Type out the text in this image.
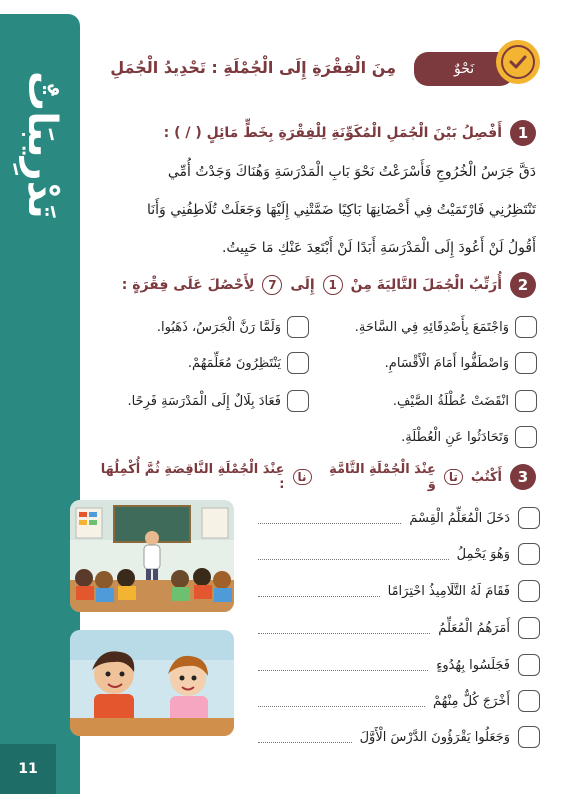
تَدْرِيبَاتٌ
11
نَحْوٌ
مِنَ الْفِقْرَةِ إِلَى الْجُمْلَةِ : تَحْدِيدُ الْجُمَلِ
1
أَفْصِلُ بَيْنَ الْجُمَلِ الْمُكَوِّنَةِ لِلْفِقْرَةِ بِخَطٍّ مَائِلٍ ( / ) :
دَقَّ جَرَسُ الْخُرُوجِ فَأَسْرَعْتُ نَحْوَ بَابِ الْمَدْرَسَةِ وَهُنَاكَ وَجَدْتُ أُمِّي
تَنْتَظِرُنِي فَارْتَمَيْتُ فِي أَحْضَانِهَا بَاكِيًا ضَمَّتْنِي إِلَيْهَا وَجَعَلَتْ تُلَاطِفُنِي وَأَنَا
أَقُولُ لَنْ أَعُودَ إِلَى الْمَدْرَسَةِ أَبَدًا لَنْ أَبْتَعِدَ عَنْكِ مَا حَيِيتُ.
2
أُرَتِّبُ الْجُمَلَ التَّالِيَةَ مِنْ
1
إِلَى
7
لِأَحْصُلَ عَلَى فِقْرَةٍ :
وَاجْتَمَعَ بِأَصْدِقَائِهِ فِي السَّاحَةِ.
وَاصْطَفُّوا أَمَامَ الْأَقْسَامِ.
انْقَضَتْ عُطْلَةُ الصَّيْفِ.
وَتَحَادَثُوا عَنِ الْعُطْلَةِ.
وَلَمَّا رَنَّ الْجَرَسُ، ذَهَبُوا.
يَنْتَظِرُونَ مُعَلِّمَهُمْ.
فَعَادَ بِلَالٌ إِلَى الْمَدْرَسَةِ فَرِحًا.
3
أَكْتُبُ
تا
عِنْدَ الْجُمْلَةِ التَّامَّةِ وَ
نا
عِنْدَ الْجُمْلَةِ النَّاقِصَةِ ثُمَّ أُكْمِلُهَا :
دَخَلَ الْمُعَلِّمُ الْقِسْمَ
وَهُوَ يَحْمِلُ
فَقَامَ لَهُ التَّلَامِيذُ احْتِرَامًا
أَمَرَهُمُ الْمُعَلِّمُ
فَجَلَسُوا بِهُدُوءٍ
أَخْرَجَ كُلٌّ مِنْهُمْ
وَجَعَلُوا يَقْرَؤُونَ الدَّرْسَ الْأَوَّلَ
